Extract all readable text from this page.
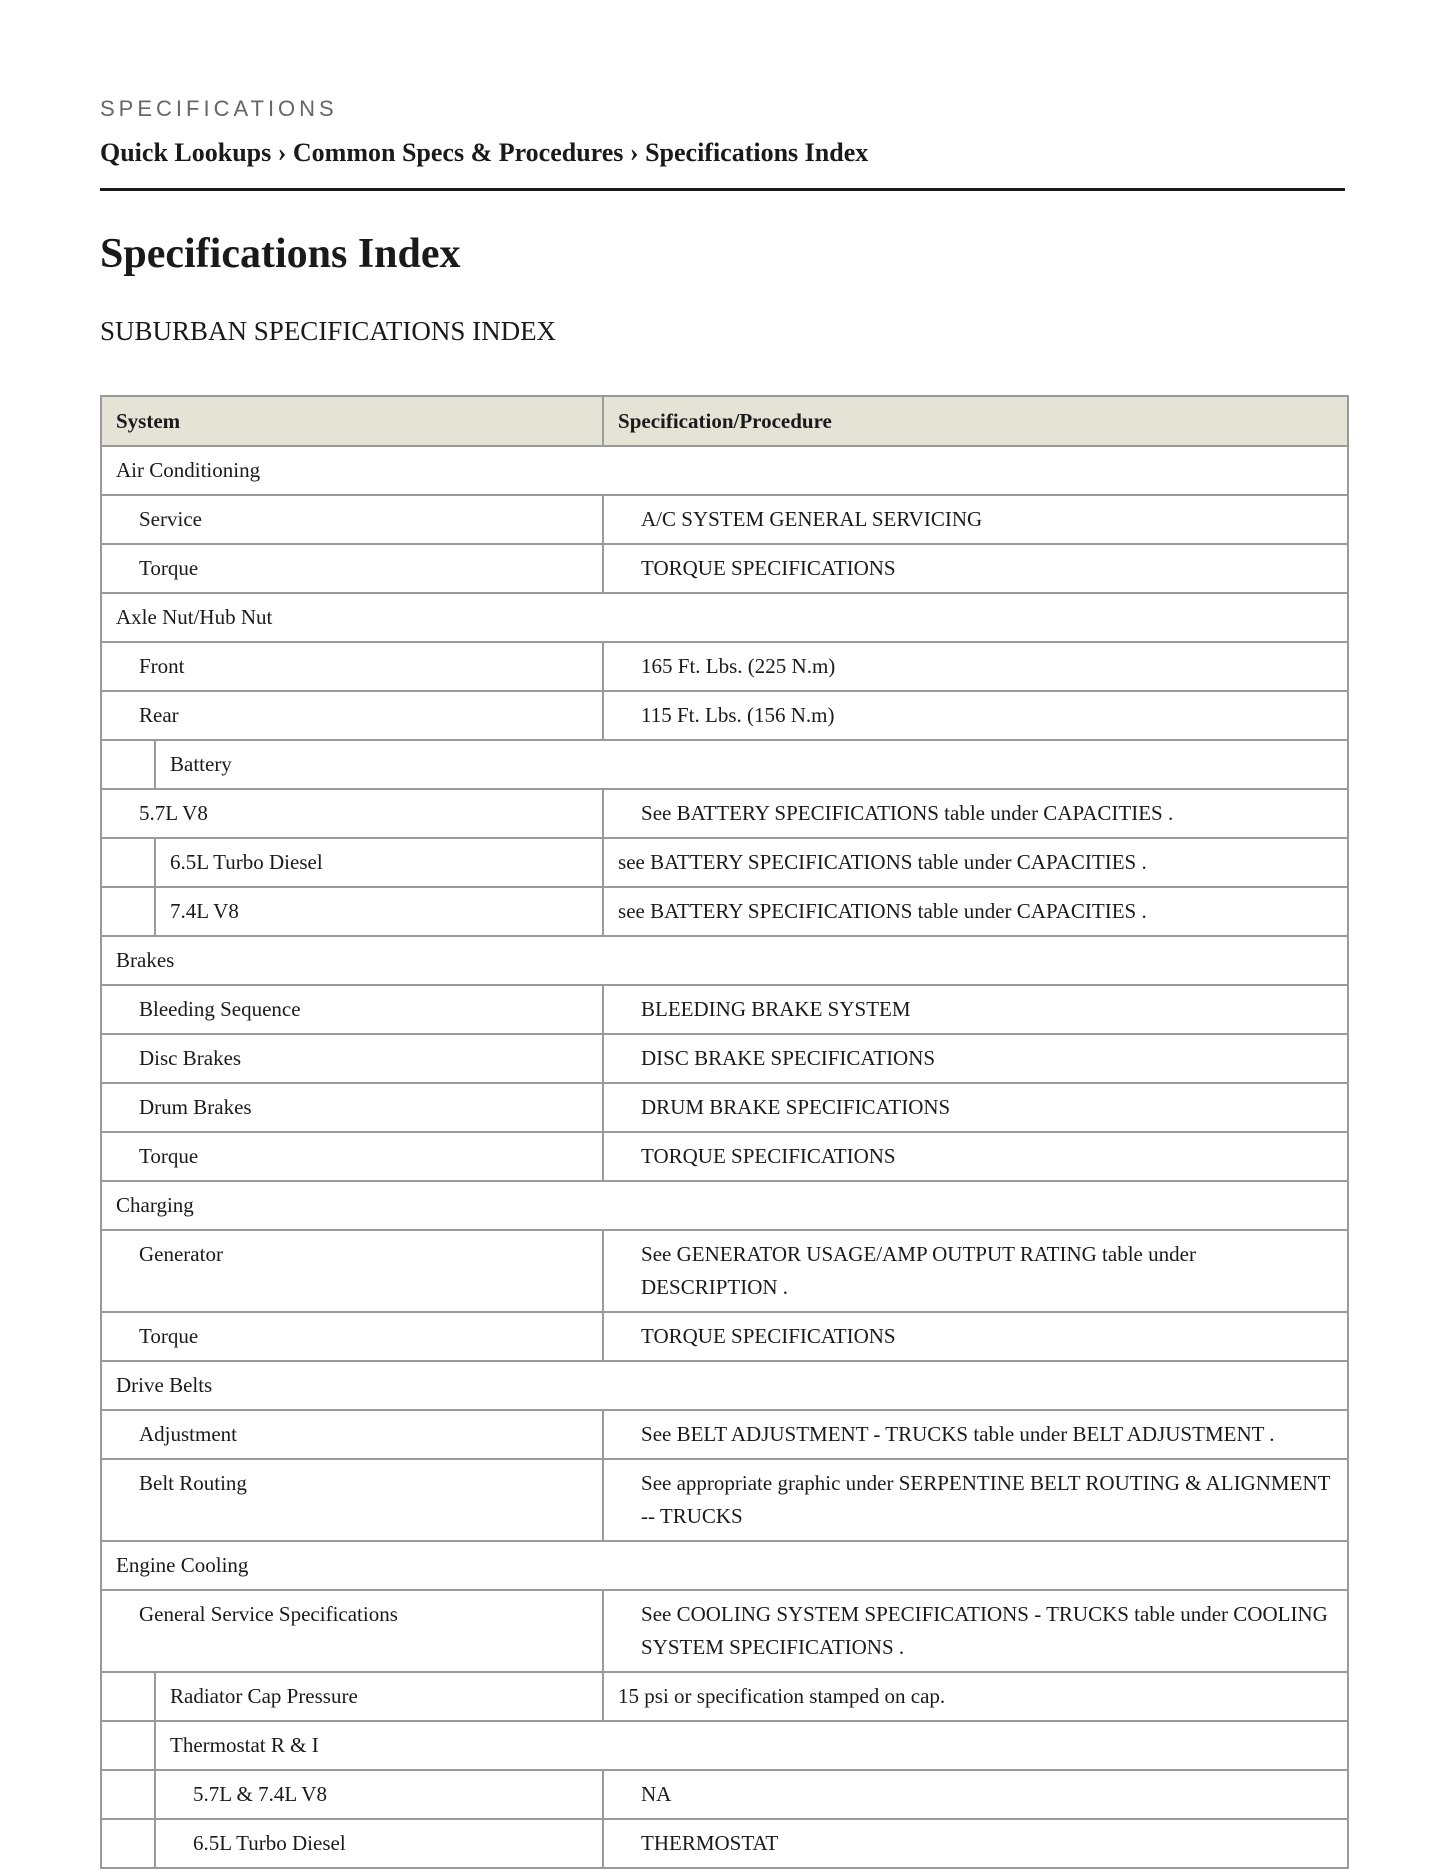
SPECIFICATIONS
Quick Lookups › Common Specs & Procedures › Specifications Index
Specifications Index
SUBURBAN SPECIFICATIONS INDEX
System		Specification/Procedure
Air Conditioning		
Service		A/C SYSTEM GENERAL SERVICING
Torque		TORQUE SPECIFICATIONS
Axle Nut/Hub Nut		
Front		165 Ft. Lbs. (225 N.m)
Rear		115 Ft. Lbs. (156 N.m)
	Battery	
5.7L V8		See BATTERY SPECIFICATIONS table under CAPACITIES .
	6.5L Turbo Diesel	see BATTERY SPECIFICATIONS table under CAPACITIES .
	7.4L V8	see BATTERY SPECIFICATIONS table under CAPACITIES .
Brakes		
Bleeding Sequence		BLEEDING BRAKE SYSTEM
Disc Brakes		DISC BRAKE SPECIFICATIONS
Drum Brakes		DRUM BRAKE SPECIFICATIONS
Torque		TORQUE SPECIFICATIONS
Charging		
Generator		See GENERATOR USAGE/AMP OUTPUT RATING table under DESCRIPTION .
Torque		TORQUE SPECIFICATIONS
Drive Belts		
Adjustment		See BELT ADJUSTMENT - TRUCKS table under BELT ADJUSTMENT .
Belt Routing		See appropriate graphic under SERPENTINE BELT ROUTING & ALIGNMENT -- TRUCKS
Engine Cooling		
General Service Specifications		See COOLING SYSTEM SPECIFICATIONS - TRUCKS table under COOLING SYSTEM SPECIFICATIONS .
	Radiator Cap Pressure	15 psi or specification stamped on cap.
	Thermostat R & I	
	5.7L & 7.4L V8	NA
	6.5L Turbo Diesel	THERMOSTAT
